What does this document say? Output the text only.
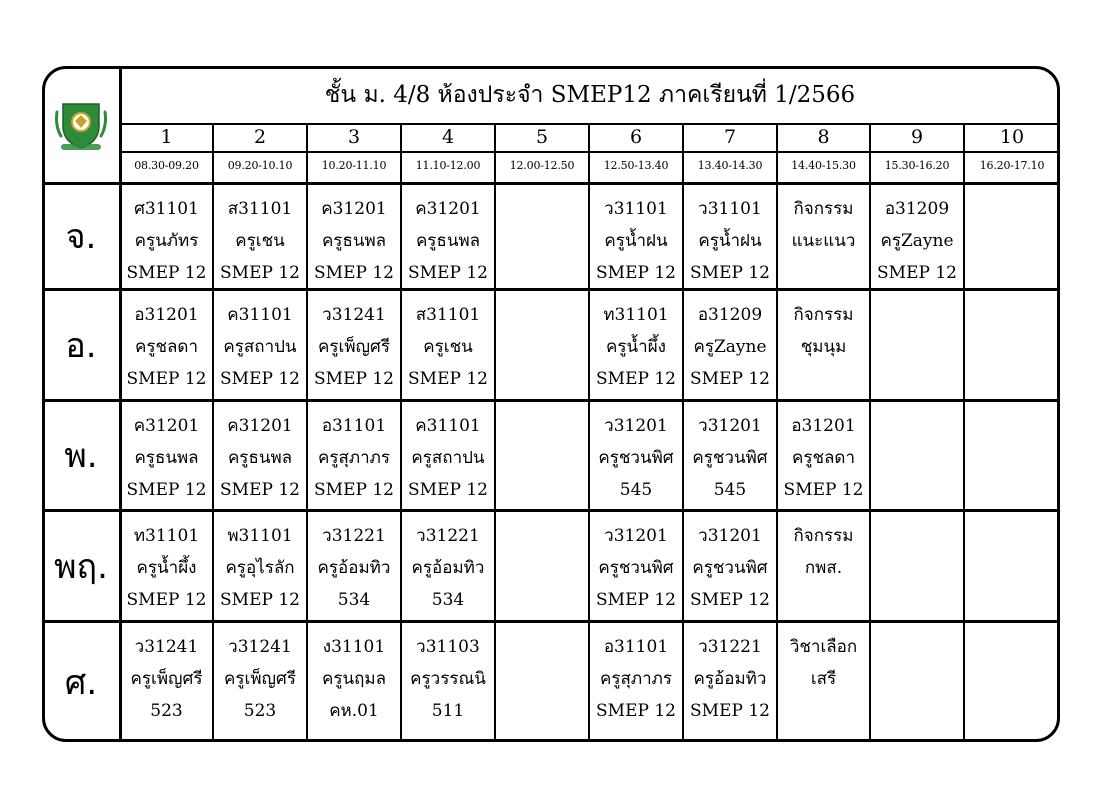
ชั้น ม. 4/8 ห้องประจำ SMEP12 ภาคเรียนที่ 1/2566
1
08.30-09.20
2
09.20-10.10
3
10.20-11.10
4
11.10-12.00
5
12.00-12.50
6
12.50-13.40
7
13.40-14.30
8
14.40-15.30
9
15.30-16.20
10
16.20-17.10
จ.
ศ31101
ครูนภัทร
SMEP 12
ส31101
ครูเชน
SMEP 12
ค31201
ครูธนพล
SMEP 12
ค31201
ครูธนพล
SMEP 12
ว31101
ครูน้ำฝน
SMEP 12
ว31101
ครูน้ำฝน
SMEP 12
กิจกรรม
แนะแนว
อ31209
ครูZayne
SMEP 12
อ.
อ31201
ครูชลดา
SMEP 12
ค31101
ครูสถาปน
SMEP 12
ว31241
ครูเพ็ญศรี
SMEP 12
ส31101
ครูเชน
SMEP 12
ท31101
ครูน้ำผึ้ง
SMEP 12
อ31209
ครูZayne
SMEP 12
กิจกรรม
ชุมนุม
พ.
ค31201
ครูธนพล
SMEP 12
ค31201
ครูธนพล
SMEP 12
อ31101
ครูสุภาภร
SMEP 12
ค31101
ครูสถาปน
SMEP 12
ว31201
ครูชวนพิศ
545
ว31201
ครูชวนพิศ
545
อ31201
ครูชลดา
SMEP 12
พฤ.
ท31101
ครูน้ำผึ้ง
SMEP 12
พ31101
ครูอุไรลัก
SMEP 12
ว31221
ครูอ้อมทิว
534
ว31221
ครูอ้อมทิว
534
ว31201
ครูชวนพิศ
SMEP 12
ว31201
ครูชวนพิศ
SMEP 12
กิจกรรม
กพส.
ศ.
ว31241
ครูเพ็ญศรี
523
ว31241
ครูเพ็ญศรี
523
ง31101
ครูนฤมล
คห.01
ว31103
ครูวรรณนิ
511
อ31101
ครูสุภาภร
SMEP 12
ว31221
ครูอ้อมทิว
SMEP 12
วิชาเลือก
เสรี
